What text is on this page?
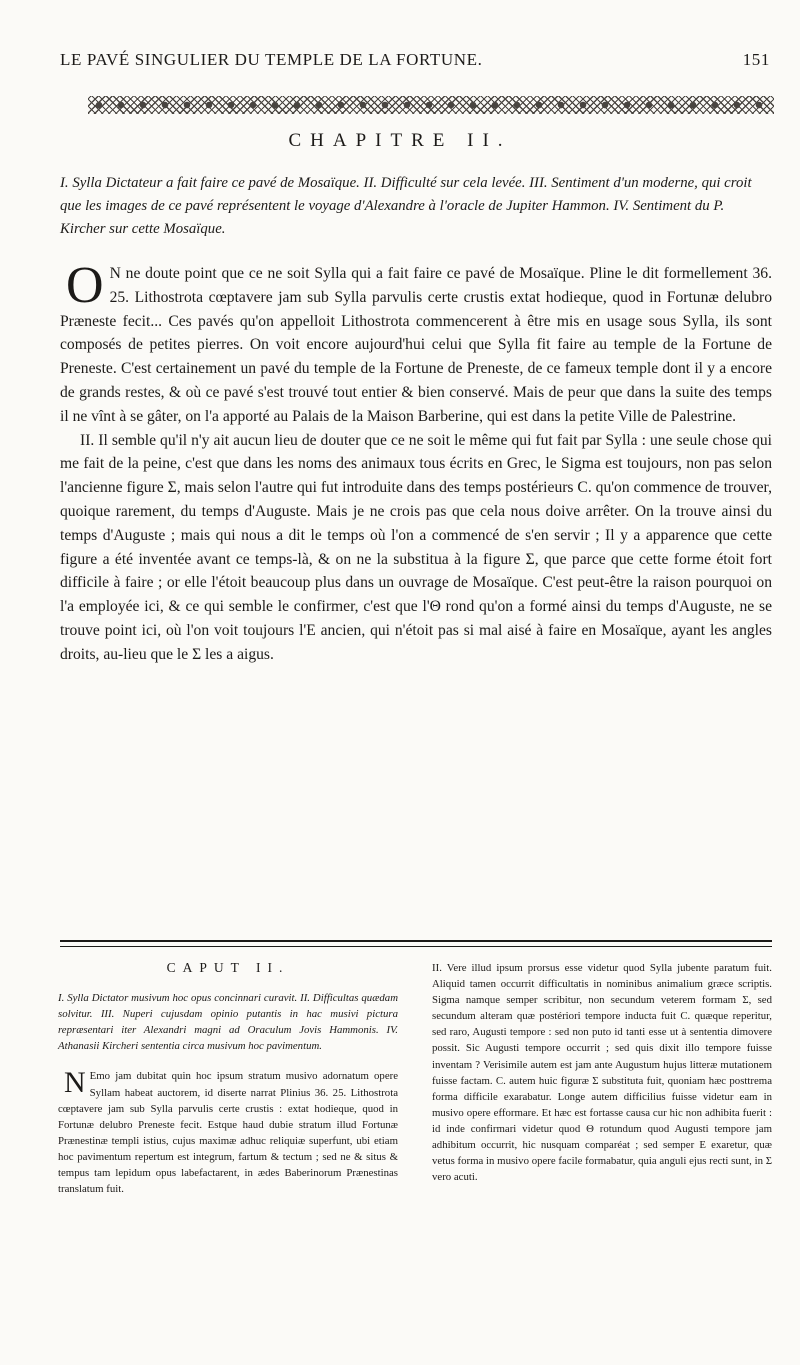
LE PAVÉ SINGULIER DU TEMPLE DE LA FORTUNE.	151
CHAPITRE II.
I. Sylla Dictateur a fait faire ce pavé de Mosaïque. II. Difficulté sur cela levée. III. Sentiment d'un moderne, qui croit que les images de ce pavé représentent le voyage d'Alexandre à l'oracle de Jupiter Hammon. IV. Sentiment du P. Kircher sur cette Mosaïque.

O N ne doute point que ce ne soit Sylla qui a fait faire ce pavé de Mosaïque. Pline le dit formellement 36. 25. Lithostrota cœptavere jam sub Sylla parvulis certe crustis extat hodieque, quod in Fortunæ delubro Præneste fecit... Ces pavés qu'on appelloit Lithostrota commencerent à être mis en usage sous Sylla, ils sont composés de petites pierres. On voit encore aujourd'hui celui que Sylla fit faire au temple de la Fortune de Preneste. C'est certainement un pavé du temple de la Fortune de Preneste, de ce fameux temple dont il y a encore de grands restes, & où ce pavé s'est trouvé tout entier & bien conservé. Mais de peur que dans la suite des temps il ne vînt à se gâter, on l'a apporté au Palais de la Maison Barberine, qui est dans la petite Ville de Palestrine.

II. Il semble qu'il n'y ait aucun lieu de douter que ce ne soit le même qui fut fait par Sylla : une seule chose qui me fait de la peine, c'est que dans les noms des animaux tous écrits en Grec, le Sigma est toujours, non pas selon l'ancienne figure Σ, mais selon l'autre qui fut introduite dans des temps postérieurs C. qu'on commence de trouver, quoique rarement, du temps d'Auguste. Mais je ne crois pas que cela nous doive arrêter. On la trouve ainsi du temps d'Auguste ; mais qui nous a dit le temps où l'on a commencé de s'en servir ; Il y a apparence que cette figure a été inventée avant ce temps-là, & on ne la substitua à la figure Σ, que parce que cette forme étoit fort difficile à faire ; or elle l'étoit beaucoup plus dans un ouvrage de Mosaïque. C'est peut-être la raison pourquoi on l'a employée ici, & ce qui semble le confirmer, c'est que l'Θ rond qu'on a formé ainsi du temps d'Auguste, ne se trouve point ici, où l'on voit toujours l'E ancien, qui n'étoit pas si mal aisé à faire en Mosaïque, ayant les angles droits, au-lieu que le Σ les a aigus.

CAPUT II.
I. Sylla Dictator musivum hoc opus concinnari curavit. II. Difficultas quædam solvitur. III. Nuperi cujusdam opinio putantis in hac musivi pictura repræsentari iter Alexandri magni ad Oraculum Jovis Hammonis. IV. Athanasii Kircheri sententia circa musivum hoc pavimentum.

N Emo jam dubitat quin hoc ipsum stratum musivo adornatum opere Syllam habeat auctorem, id diserte narrat Plinius 36. 25. Lithostrota cœptavere jam sub Sylla parvulis certe crustis : extat hodieque, quod in Fortunæ delubro Preneste fecit. Estque haud dubie stratum illud Fortunæ Prænestinæ templi istius, cujus maximæ adhuc reliquiæ superfunt, ubi etiam hoc pavimentum repertum est integrum, fartum & tectum ; sed ne & situs & tempus tam lepidum opus labefactarent, in ædes Baberinorum Prænestinas translatum fuit.

II. Vere illud ipsum prorsus esse videtur quod Sylla jubente paratum fuit. Aliquid tamen occurrit difficultatis in nominibus animalium græce scriptis. Sigma namque semper scribitur, non secundum veterem formam Σ, sed secundum alteram quæ postériori tempore inducta fuit C. quæque reperitur, sed raro, Augusti tempore : sed non puto id tanti esse ut à sententia dimovere possit. Sic Augusti tempore occurrit ; sed quis dixit illo tempore fuisse inventam ? Verisimile autem est jam ante Augustum hujus litteræ mutationem fuisse factam. C. autem huic figuræ Σ substituta fuit, quoniam hæc posttrema forma difficile exarabatur. Longe autem difficilius fuisse videtur eam in musivo opere efformare. Et hæc est fortasse causa cur hic non adhibita fuerit : id inde confirmari videtur quod Θ rotundum quod Augusti tempore jam adhibitum occurrit, hic nusquam comparéat ; sed semper E exaretur, quæ vetus forma in musivo opere facile formabatur, quia anguli ejus recti sunt, in Σ vero acuti.
